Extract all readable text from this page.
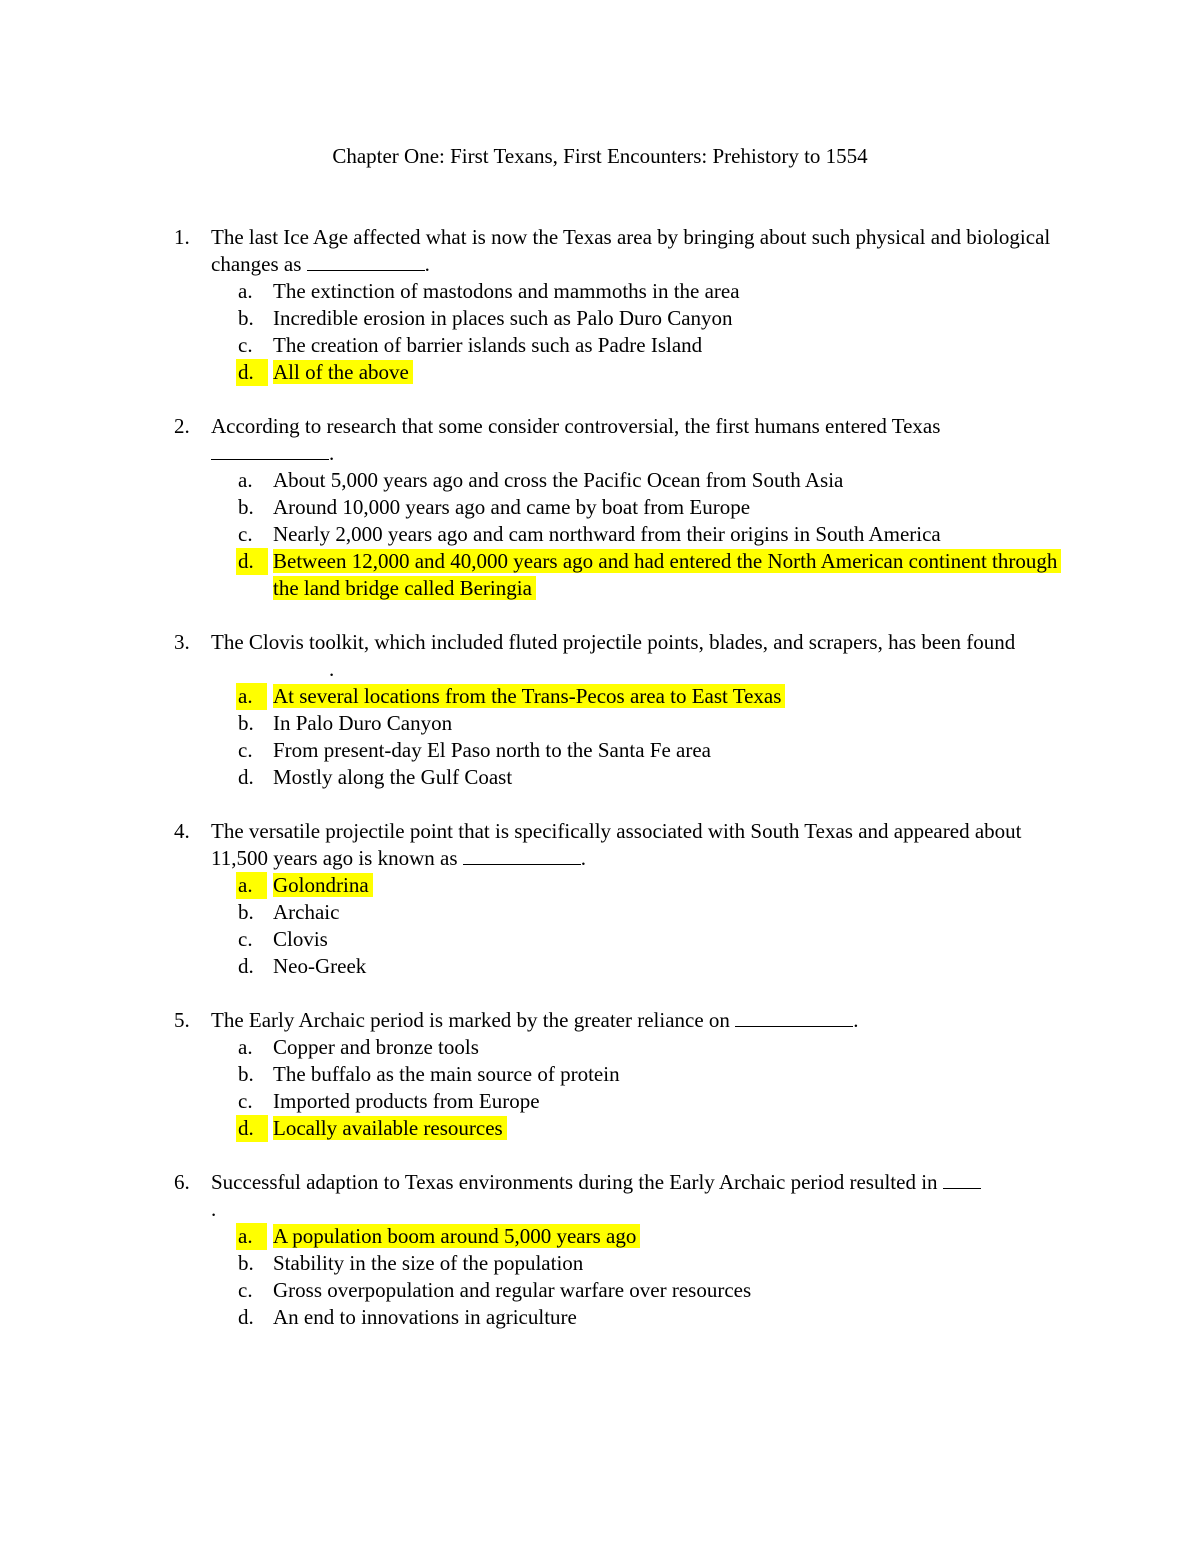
Chapter One: First Texans, First Encounters: Prehistory to 1554
1. The last Ice Age affected what is now the Texas area by bringing about such physical and biological changes as	.
a. The extinction of mastodons and mammoths in the area
b. Incredible erosion in places such as Palo Duro Canyon
c. The creation of barrier islands such as Padre Island
d. All of the above
2. According to research that some consider controversial, the first humans entered Texas .
a. About 5,000 years ago and cross the Pacific Ocean from South Asia
b. Around 10,000 years ago and came by boat from Europe
c. Nearly 2,000 years ago and cam northward from their origins in South America
d. Between 12,000 and 40,000 years ago and had entered the North American continent through the land bridge called Beringia
3. The Clovis toolkit, which included fluted projectile points, blades, and scrapers, has been found .
a. At several locations from the Trans-Pecos area to East Texas
b. In Palo Duro Canyon
c. From present-day El Paso north to the Santa Fe area
d. Mostly along the Gulf Coast
4. The versatile projectile point that is specifically associated with South Texas and appeared about 11,500 years ago is known as	.
a. Golondrina
b. Archaic
c. Clovis
d. Neo-Greek
5. The Early Archaic period is marked by the greater reliance on	.
a. Copper and bronze tools
b. The buffalo as the main source of protein
c. Imported products from Europe
d. Locally available resources
6. Successful adaption to Texas environments during the Early Archaic period resulted in .
a. A population boom around 5,000 years ago
b. Stability in the size of the population
c. Gross overpopulation and regular warfare over resources
d. An end to innovations in agriculture
